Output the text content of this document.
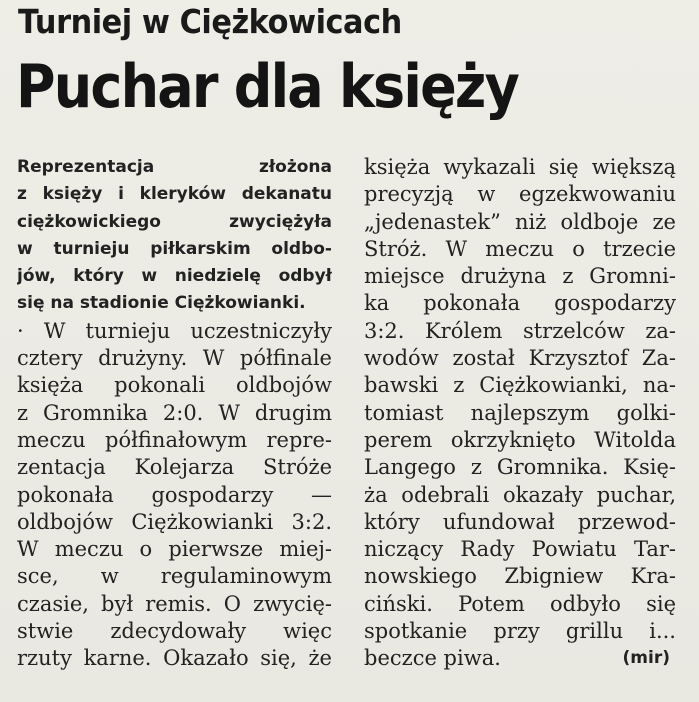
Turniej w Ciężkowicach
Puchar dla księży
Reprezentacja złożona
z księży i kleryków dekanatu
ciężkowickiego zwyciężyła
w turnieju piłkarskim oldbo-
jów, który w niedzielę odbył
się na stadionie Ciężkowianki.
· W turnieju uczestniczyły
cztery drużyny. W półfinale
księża pokonali oldbojów
z Gromnika 2:0. W drugim
meczu półfinałowym repre-
zentacja Kolejarza Stróże
pokonała gospodarzy —
oldbojów Ciężkowianki 3:2.
W meczu o pierwsze miej-
sce, w regulaminowym
czasie, był remis. O zwycię-
stwie zdecydowały więc
rzuty karne. Okazało się, że
księża wykazali się większą
precyzją w egzekwowaniu
„jedenastek” niż oldboje ze
Stróż. W meczu o trzecie
miejsce drużyna z Gromni-
ka pokonała gospodarzy
3:2. Królem strzelców za-
wodów został Krzysztof Za-
bawski z Ciężkowianki, na-
tomiast najlepszym golki-
perem okrzyknięto Witolda
Langego z Gromnika. Księ-
ża odebrali okazały puchar,
który ufundował przewod-
niczący Rady Powiatu Tar-
nowskiego Zbigniew Kra-
ciński. Potem odbyło się
spotkanie przy grillu i...
beczce piwa.	(mir)
